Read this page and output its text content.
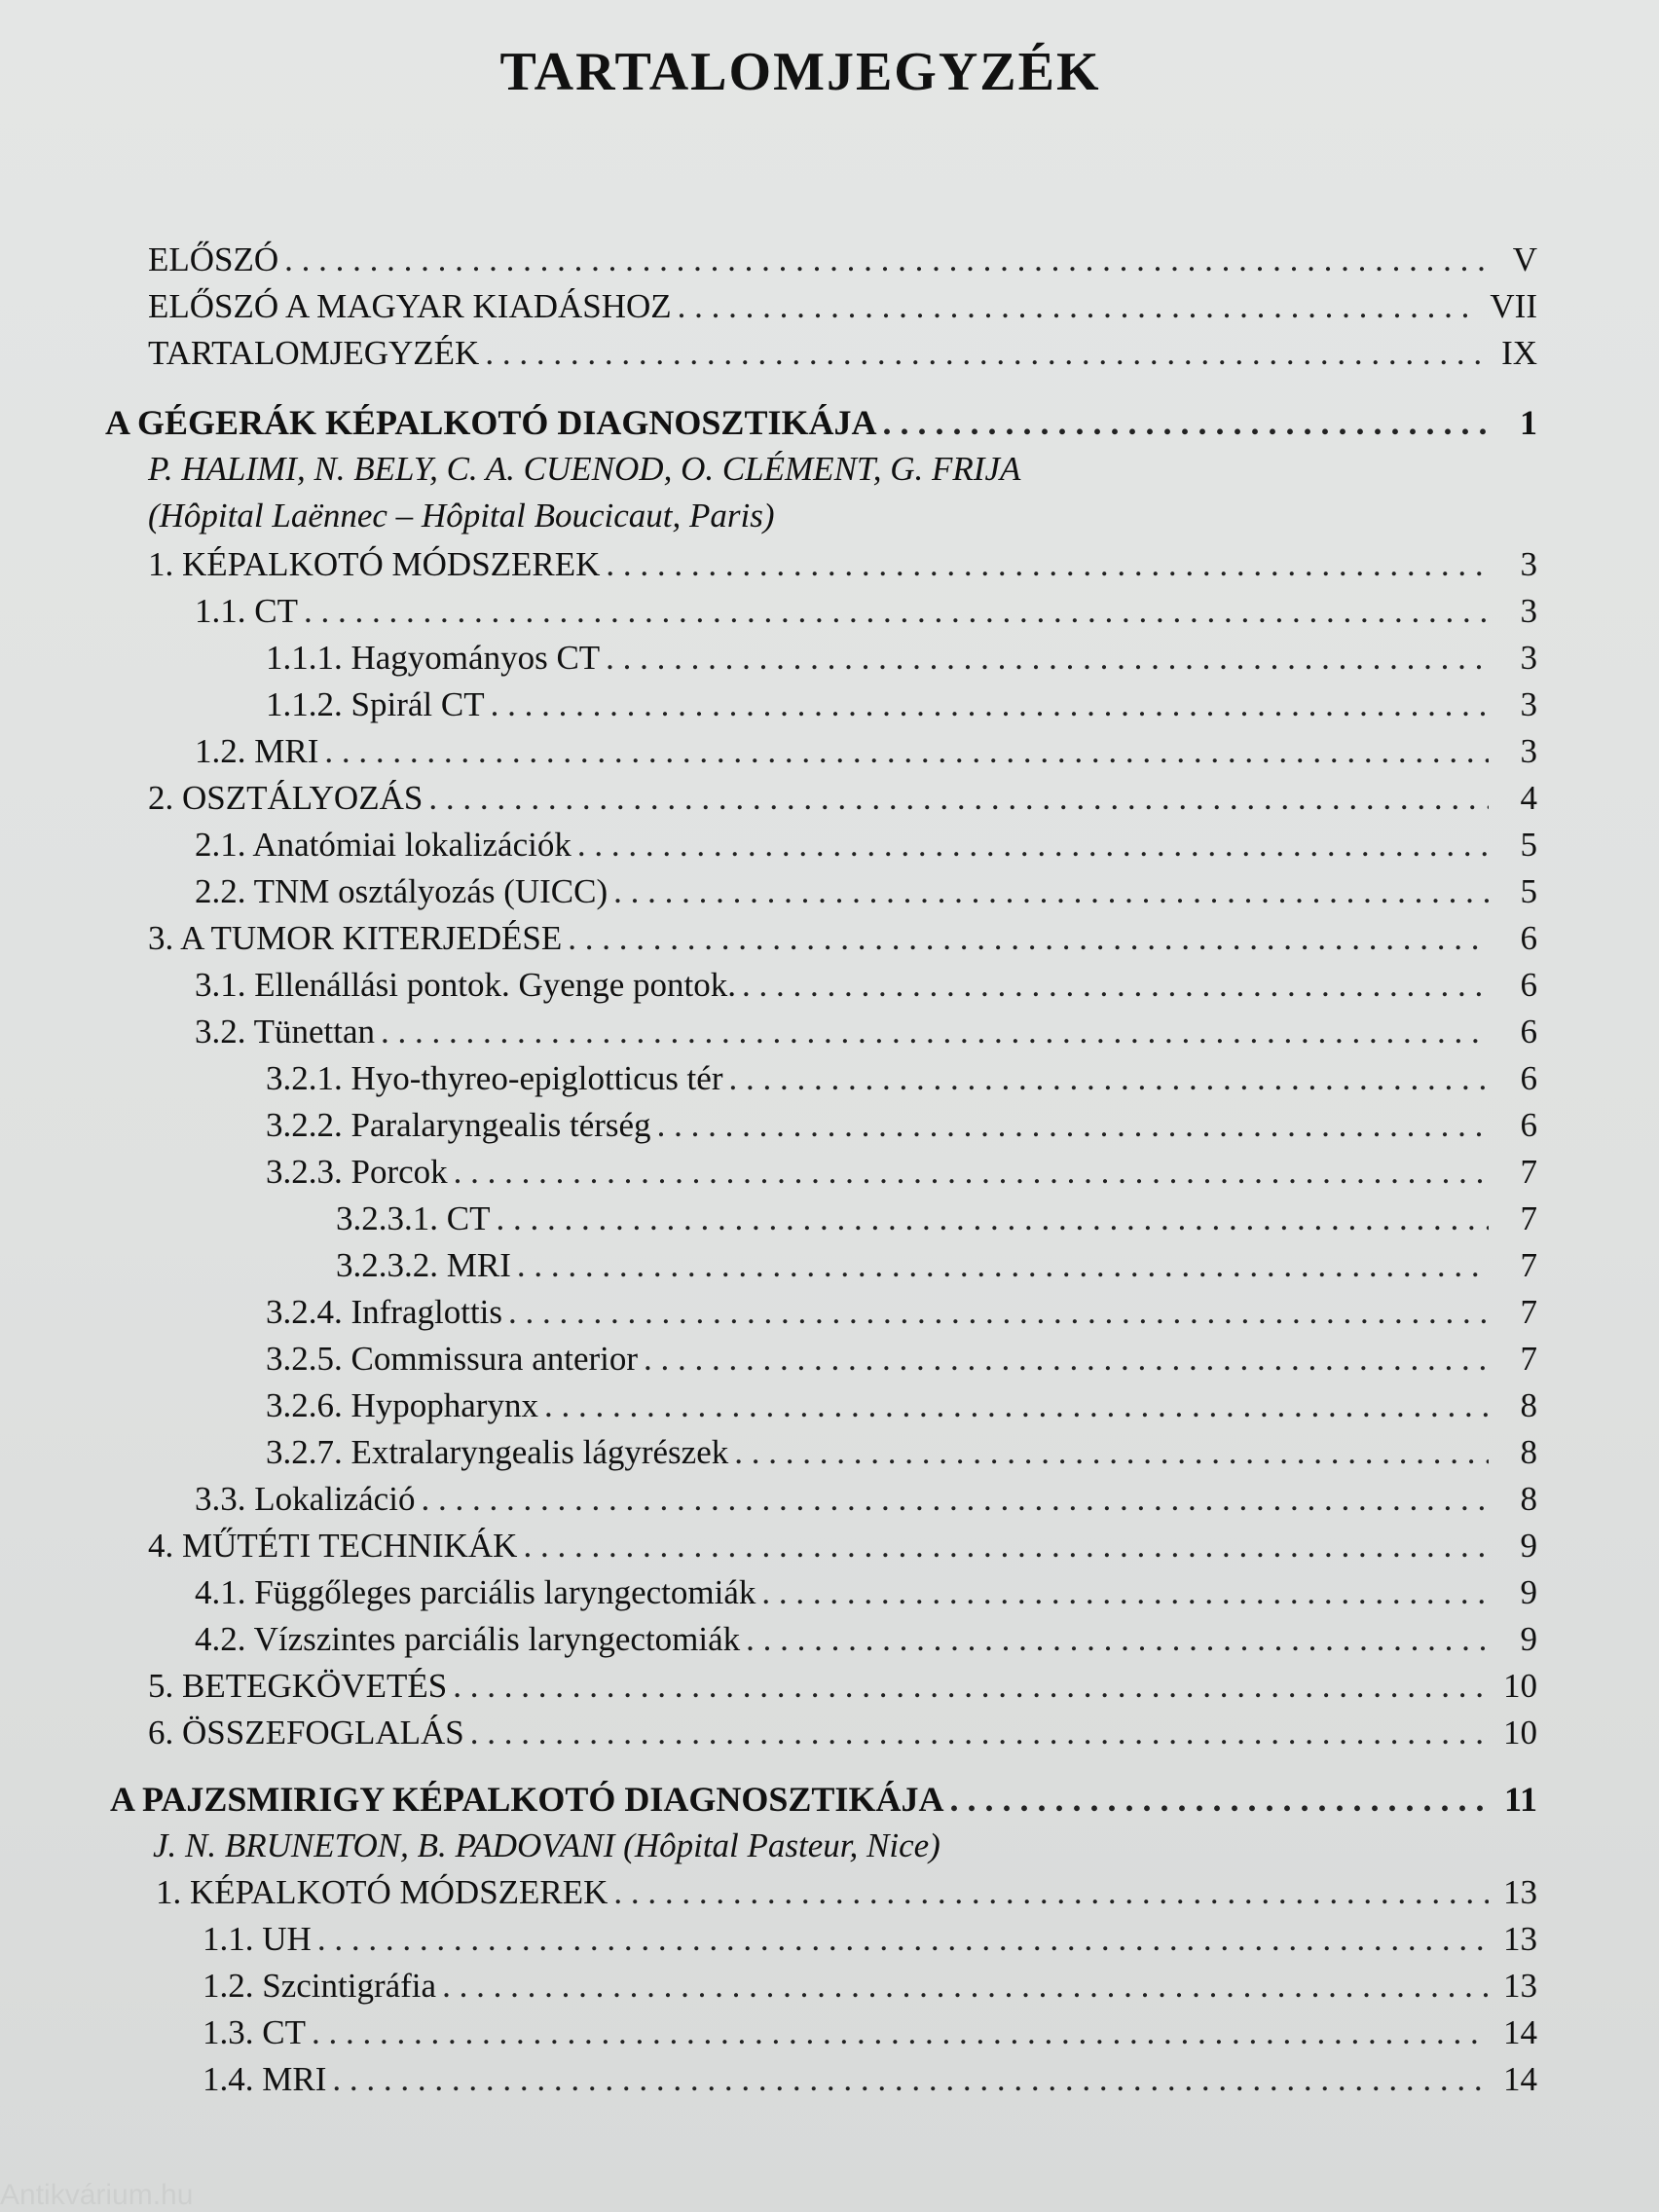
TARTALOMJEGYZÉK
ELŐSZÓ . . .	V
ELŐSZÓ A MAGYAR KIADÁSHOZ . . .	VII
TARTALOMJEGYZÉK . . .	IX
A GÉGERÁK KÉPALKOTÓ DIAGNOSZTIKÁJA . . .	1
P. HALIMI, N. BELY, C. A. CUENOD, O. CLÉMENT, G. FRIJA
(Hôpital Laënnec – Hôpital Boucicaut, Paris)
1. KÉPALKOTÓ MÓDSZEREK . . .	3
1.1. CT . . .	3
1.1.1. Hagyományos CT . . .	3
1.1.2. Spirál CT . . .	3
1.2. MRI . . .	3
2. OSZTÁLYOZÁS . . .	4
2.1. Anatómiai lokalizációk . . .	5
2.2. TNM osztályozás (UICC) . . .	5
3. A TUMOR KITERJEDÉSE . . .	6
3.1. Ellenállási pontok. Gyenge pontok. . . .	6
3.2. Tünettan . . .	6
3.2.1. Hyo-thyreo-epiglotticus tér . . .	6
3.2.2. Paralaryngealis térség . . .	6
3.2.3. Porcok . . .	7
3.2.3.1. CT . . .	7
3.2.3.2. MRI . . .	7
3.2.4. Infraglottis . . .	7
3.2.5. Commissura anterior . . .	7
3.2.6. Hypopharynx . . .	8
3.2.7. Extralaryngealis lágyrészek . . .	8
3.3. Lokalizáció . . .	8
4. MŰTÉTI TECHNIKÁK . . .	9
4.1. Függőleges parciális laryngectomiák . . .	9
4.2. Vízszintes parciális laryngectomiák . . .	9
5. BETEGKÖVETÉS . . .	10
6. ÖSSZEFOGLALÁS . . .	10
A PAJZSMIRIGY KÉPALKOTÓ DIAGNOSZTIKÁJA . . .	11
J. N. BRUNETON, B. PADOVANI (Hôpital Pasteur, Nice)
1. KÉPALKOTÓ MÓDSZEREK . . .	13
1.1. UH . . .	13
1.2. Szcintigráfia . . .	13
1.3. CT . . .	14
1.4. MRI . . .	14
Antikvárium.hu
